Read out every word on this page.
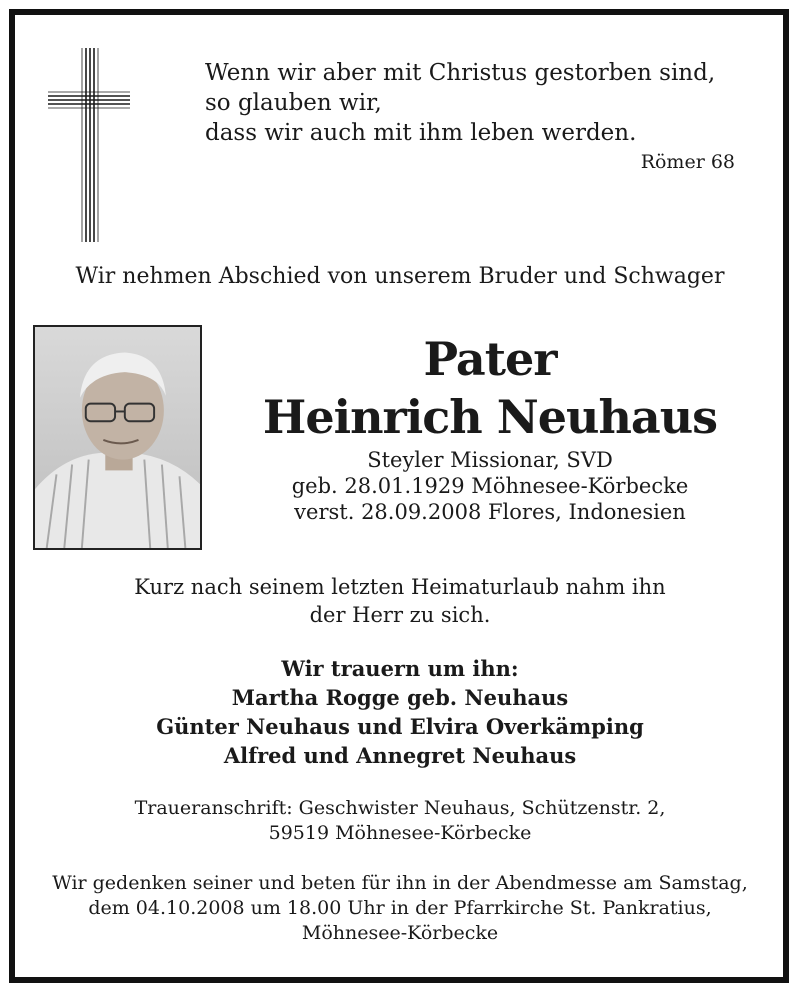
Wenn wir aber mit Christus gestorben sind,
so glauben wir,
dass wir auch mit ihm leben werden.
Römer 68
Wir nehmen Abschied von unserem Bruder und Schwager
Pater
Heinrich Neuhaus
Steyler Missionar, SVD
geb. 28.01.1929 Möhnesee-Körbecke
verst. 28.09.2008 Flores, Indonesien
Kurz nach seinem letzten Heimaturlaub nahm ihn
der Herr zu sich.
Wir trauern um ihn:
Martha Rogge geb. Neuhaus
Günter Neuhaus und Elvira Overkämping
Alfred und Annegret Neuhaus
Traueranschrift: Geschwister Neuhaus, Schützenstr. 2,
59519 Möhnesee-Körbecke
Wir gedenken seiner und beten für ihn in der Abendmesse am Samstag,
dem 04.10.2008 um 18.00 Uhr in der Pfarrkirche St. Pankratius,
Möhnesee-Körbecke
